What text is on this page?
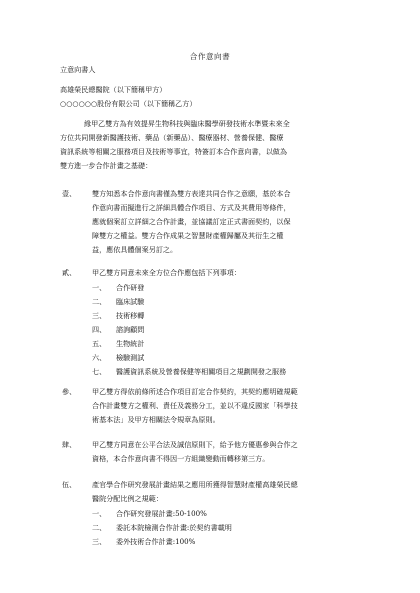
合作意向書
立意向書人
高雄榮民總醫院（以下簡稱甲方）
○○○○○○股份有限公司（以下簡稱乙方）
緣甲乙雙方為有效提昇生物科技與臨床醫學研發技術水準暨未來全
方位共同開發新醫護技術、藥品（新藥品）、醫療器材、營養保健、醫療
資訊系統等相關之服務項目及技術等事宜，特簽訂本合作意向書，以做為
雙方進一步合作計畫之基礎：
壹、 雙方知悉本合作意向書僅為雙方表達共同合作之意願，基於本合
作意向書而擬進行之詳細具體合作項目、方式及其費用等條件，
應就個案訂立詳細之合作計畫，並協議訂定正式書面契約，以保
障雙方之權益。雙方合作成果之智慧財產權歸屬及其衍生之權
益，應依具體個案另訂之。
貳、 甲乙雙方同意未來全方位合作應包括下列事項：
一、 合作研發
二、 臨床試驗
三、 技術移轉
四、 諮詢顧問
五、 生物統計
六、 檢驗測試
七、 醫護資訊系統及營養保健等相關項目之規劃開發之服務
參、 甲乙雙方得依前條所述合作項目訂定合作契約，其契約應明確規範
合作計畫雙方之權利、責任及義務分工，並以不違反國家「科學技
術基本法」及甲方相關法令規章為原則。
肆、 甲乙雙方同意在公平合法及誠信原則下，給予他方優惠參與合作之
資格，本合作意向書不得因一方組織變動而轉移第三方。
伍、 產官學合作研究發展計畫結果之應用所獲得智慧財產權高雄榮民總
醫院分配比例之規範：
一、 合作研究發展計畫:50-100%
二、 委託本院檢測合作計畫:於契約書載明
三、 委外技術合作計畫:100%
